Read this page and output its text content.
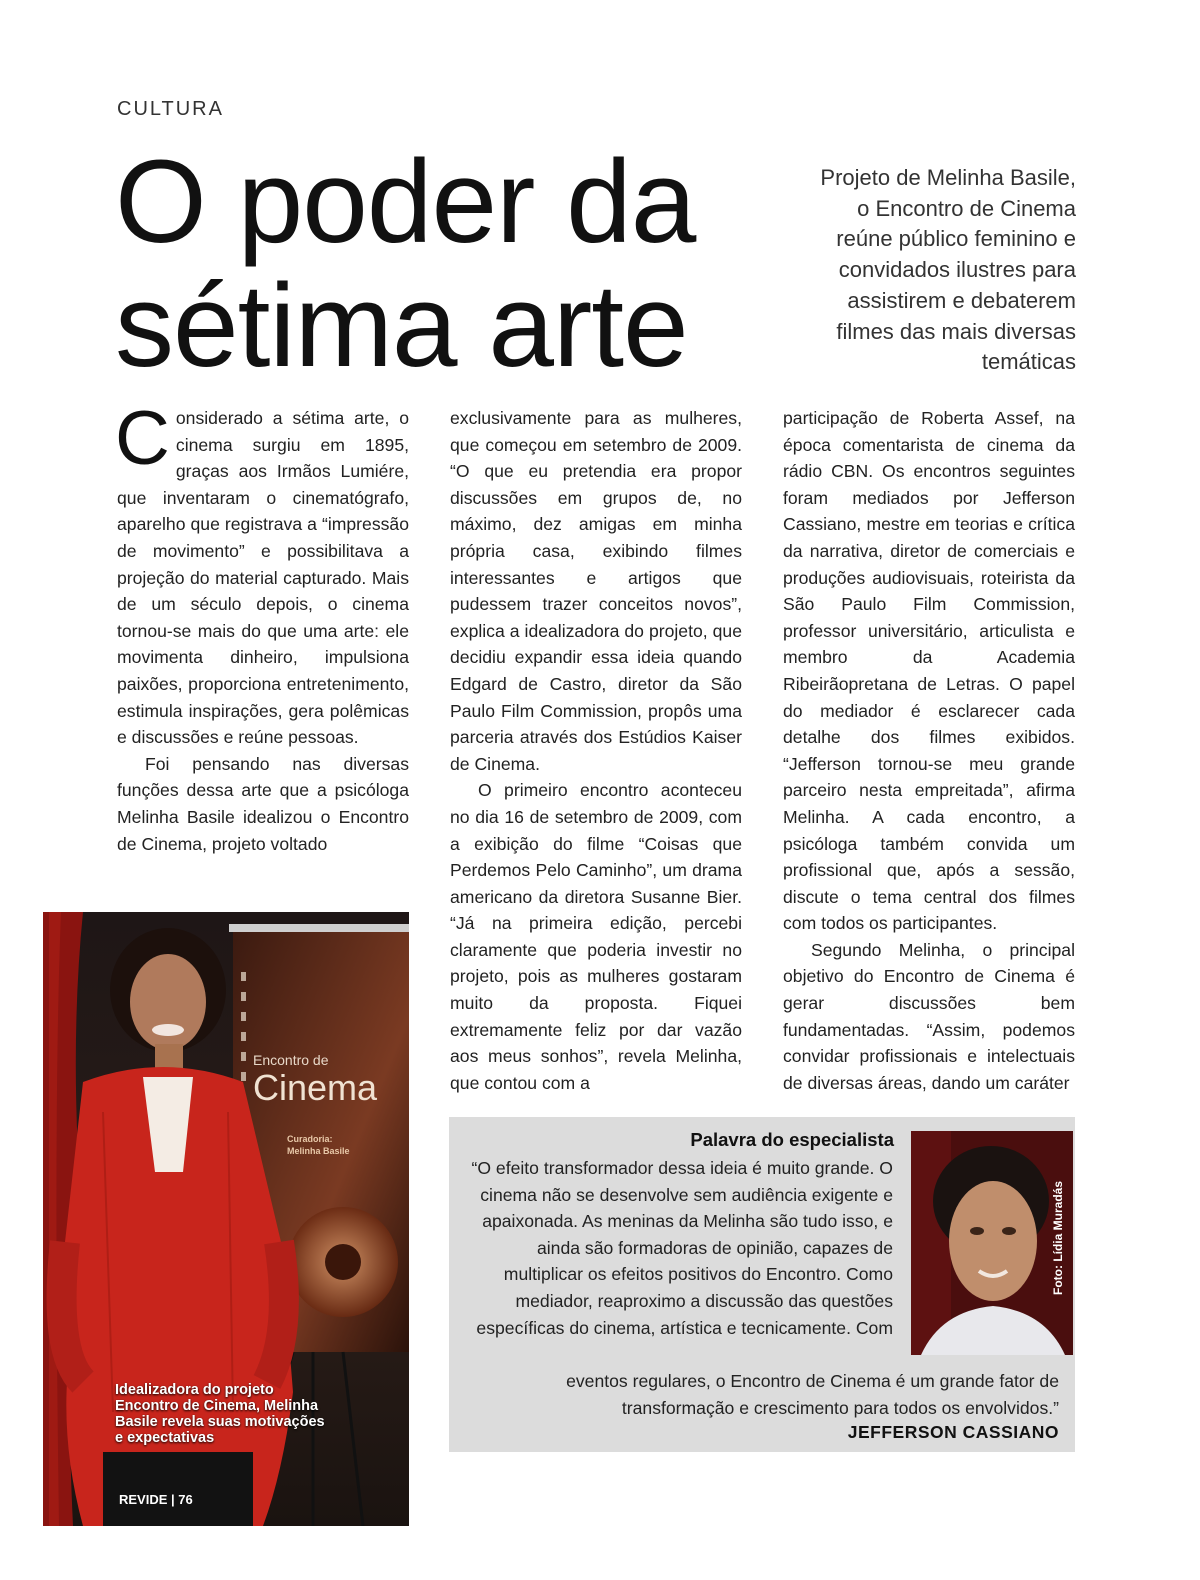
CULTURA
O poder da
sétima arte
Projeto de Melinha Basile, o Encontro de Cinema reúne público feminino e convidados ilustres para assistirem e debaterem filmes das mais diversas temáticas

Considerado a sétima arte, o cinema surgiu em 1895, graças aos Irmãos Lumiére, que inventaram o cinematógrafo, aparelho que registrava a “impressão de movimento” e possibilitava a projeção do material capturado. Mais de um século depois, o cinema tornou-se mais do que uma arte: ele movimenta dinheiro, impulsiona paixões, proporciona entretenimento, estimula inspirações, gera polêmicas e discussões e reúne pessoas.

Foi pensando nas diversas funções dessa arte que a psicóloga Melinha Basile idealizou o Encontro de Cinema, projeto voltado

exclusivamente para as mulheres, que começou em setembro de 2009. “O que eu pretendia era propor discussões em grupos de, no máximo, dez amigas em minha própria casa, exibindo filmes interessantes e artigos que pudessem trazer conceitos novos”, explica a idealizadora do projeto, que decidiu expandir essa ideia quando Edgard de Castro, diretor da São Paulo Film Commission, propôs uma parceria através dos Estúdios Kaiser de Cinema.

O primeiro encontro aconteceu no dia 16 de setembro de 2009, com a exibição do filme “Coisas que Perdemos Pelo Caminho”, um drama americano da diretora Susanne Bier. “Já na primeira edição, percebi claramente que poderia investir no projeto, pois as mulheres gostaram muito da proposta. Fiquei extremamente feliz por dar vazão aos meus sonhos”, revela Melinha, que contou com a

participação de Roberta Assef, na época comentarista de cinema da rádio CBN. Os encontros seguintes foram mediados por Jefferson Cassiano, mestre em teorias e crítica da narrativa, diretor de comerciais e produções audiovisuais, roteirista da São Paulo Film Commission, professor universitário, articulista e membro da Academia Ribeirãopretana de Letras. O papel do mediador é esclarecer cada detalhe dos filmes exibidos. “Jefferson tornou-se meu grande parceiro nesta empreitada”, afirma Melinha. A cada encontro, a psicóloga também convida um profissional que, após a sessão, discute o tema central dos filmes com todos os participantes.

Segundo Melinha, o principal objetivo do Encontro de Cinema é gerar discussões bem fundamentadas. “Assim, podemos convidar profissionais e intelectuais de diversas áreas, dando um caráter

Encontro de
Cinema
Curadoria:
Melinha Basile
Idealizadora do projeto Encontro de Cinema, Melinha Basile revela suas motivações e expectativas
REVIDE | 76
Palavra do especialista
“O efeito transformador dessa ideia é muito grande. O cinema não se desenvolve sem audiência exigente e apaixonada. As meninas da Melinha são tudo isso, e ainda são formadoras de opinião, capazes de multiplicar os efeitos positivos do Encontro. Como mediador, reaproximo a discussão das questões específicas do cinema, artística e tecnicamente. Com
eventos regulares, o Encontro de Cinema é um grande fator de transformação e crescimento para todos os envolvidos.”
JEFFERSON CASSIANO
Foto: Lídia Muradás
